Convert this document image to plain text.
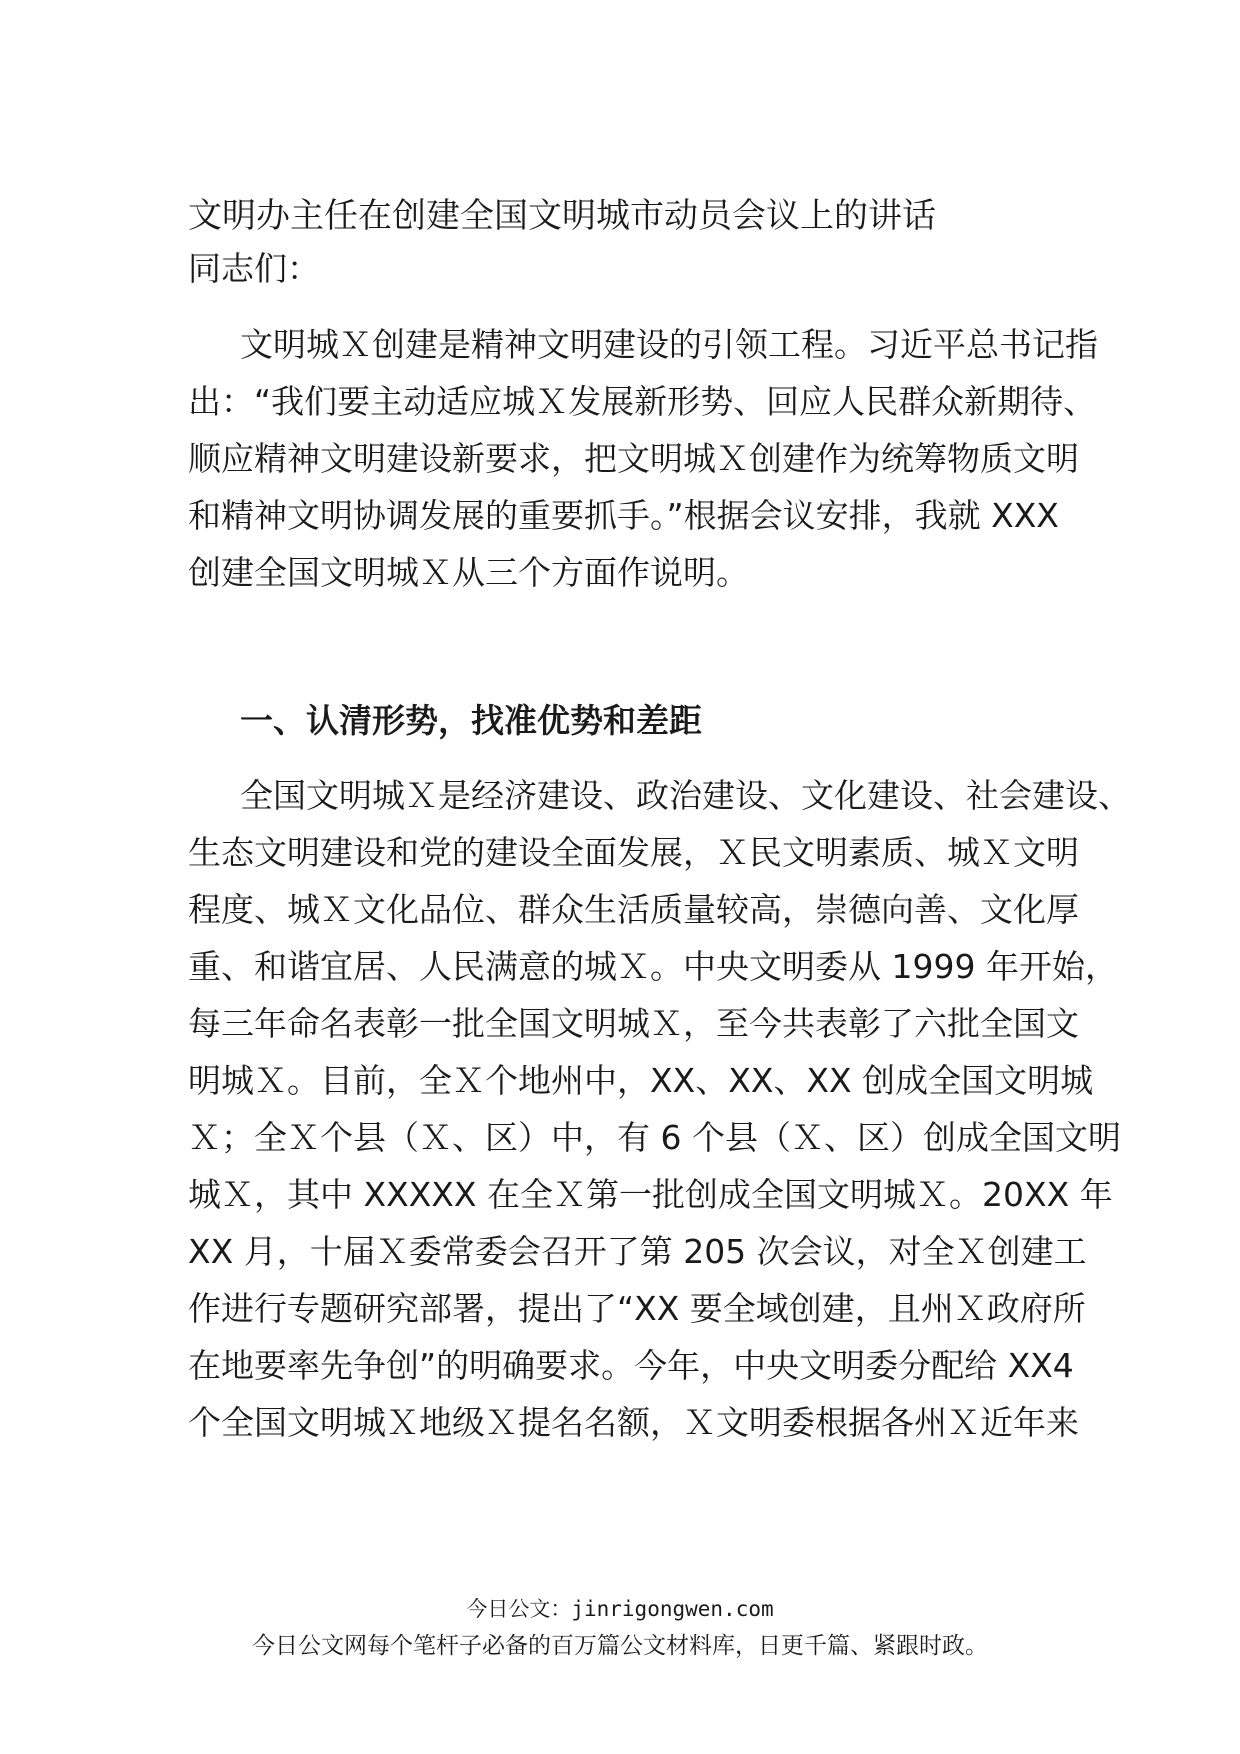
文明办主任在创建全国文明城市动员会议上的讲话
同志们：
文明城Ｘ创建是精神文明建设的引领工程。习近平总书记指
出：“我们要主动适应城Ｘ发展新形势、回应人民群众新期待、
顺应精神文明建设新要求，把文明城Ｘ创建作为统筹物质文明
和精神文明协调发展的重要抓手。”根据会议安排，我就 XXX
创建全国文明城Ｘ从三个方面作说明。
一、认清形势，找准优势和差距
全国文明城Ｘ是经济建设、政治建设、文化建设、社会建设、
生态文明建设和党的建设全面发展，Ｘ民文明素质、城Ｘ文明
程度、城Ｘ文化品位、群众生活质量较高，崇德向善、文化厚
重、和谐宜居、人民满意的城Ｘ。中央文明委从 1999 年开始，
每三年命名表彰一批全国文明城Ｘ，至今共表彰了六批全国文
明城Ｘ。目前，全Ｘ个地州中，XX、XX、XX 创成全国文明城
Ｘ；全Ｘ个县（Ｘ、区）中，有 6 个县（Ｘ、区）创成全国文明
城Ｘ，其中 XXXXX 在全Ｘ第一批创成全国文明城Ｘ。20XX 年
XX 月，十届Ｘ委常委会召开了第 205 次会议，对全Ｘ创建工
作进行专题研究部署，提出了“XX 要全域创建，且州Ｘ政府所
在地要率先争创”的明确要求。今年，中央文明委分配给 XX4
个全国文明城Ｘ地级Ｘ提名名额，Ｘ文明委根据各州Ｘ近年来
今日公文：jinrigongwen.com
今日公文网每个笔杆子必备的百万篇公文材料库，日更千篇、紧跟时政。
